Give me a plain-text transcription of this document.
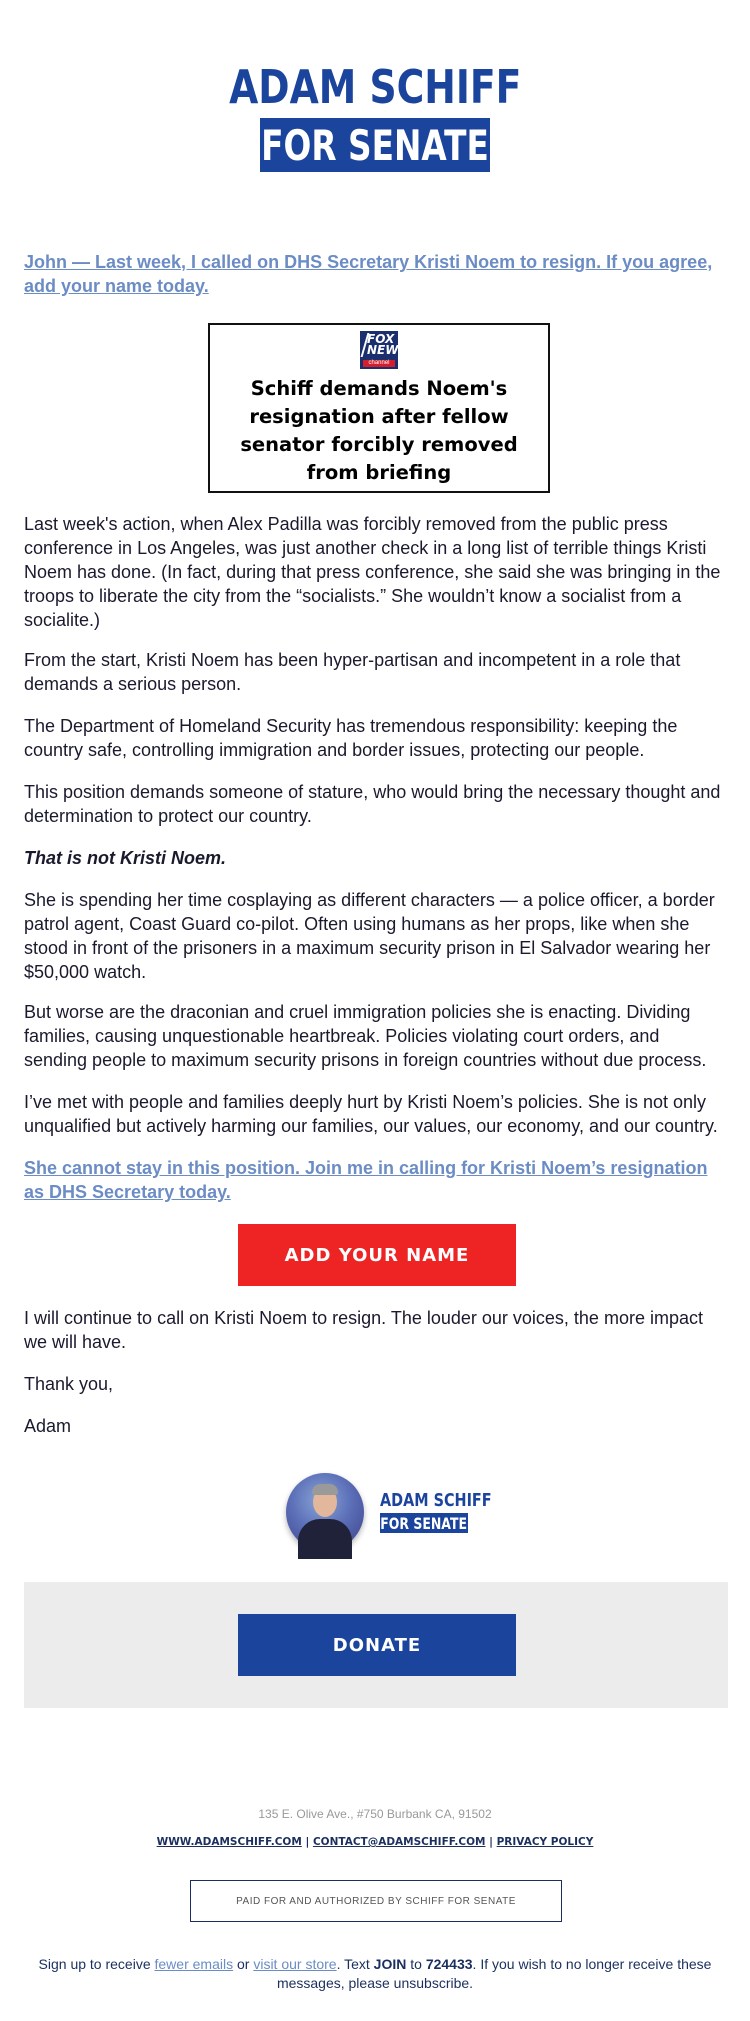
ADAM SCHIFF
FOR SENATE
John — Last week, I called on DHS Secretary Kristi Noem to resign. If you agree, add your name today.
FOX NEWS
channel
Schiff demands Noem's resignation after fellow senator forcibly removed from briefing

Last week's action, when Alex Padilla was forcibly removed from the public press conference in Los Angeles, was just another check in a long list of terrible things Kristi Noem has done. (In fact, during that press conference, she said she was bringing in the troops to liberate the city from the “socialists.” She wouldn’t know a socialist from a socialite.)

From the start, Kristi Noem has been hyper-partisan and incompetent in a role that demands a serious person.

The Department of Homeland Security has tremendous responsibility: keeping the country safe, controlling immigration and border issues, protecting our people.

This position demands someone of stature, who would bring the necessary thought and determination to protect our country.

That is not Kristi Noem.

She is spending her time cosplaying as different characters — a police officer, a border patrol agent, Coast Guard co-pilot. Often using humans as her props, like when she stood in front of the prisoners in a maximum security prison in El Salvador wearing her $50,000 watch.

But worse are the draconian and cruel immigration policies she is enacting. Dividing families, causing unquestionable heartbreak. Policies violating court orders, and sending people to maximum security prisons in foreign countries without due process.

I’ve met with people and families deeply hurt by Kristi Noem’s policies. She is not only unqualified but actively harming our families, our values, our economy, and our country.

She cannot stay in this position. Join me in calling for Kristi Noem’s resignation as DHS Secretary today.
ADD YOUR NAME

I will continue to call on Kristi Noem to resign. The louder our voices, the more impact we will have.

Thank you,

Adam

ADAM SCHIFF
FOR SENATE
DONATE
135 E. Olive Ave., #750 Burbank CA, 91502
WWW.ADAMSCHIFF.COM | CONTACT@ADAMSCHIFF.COM | PRIVACY POLICY
PAID FOR AND AUTHORIZED BY SCHIFF FOR SENATE
Sign up to receive fewer emails or visit our store. Text JOIN to 724433. If you wish to no longer receive these messages, please unsubscribe.
